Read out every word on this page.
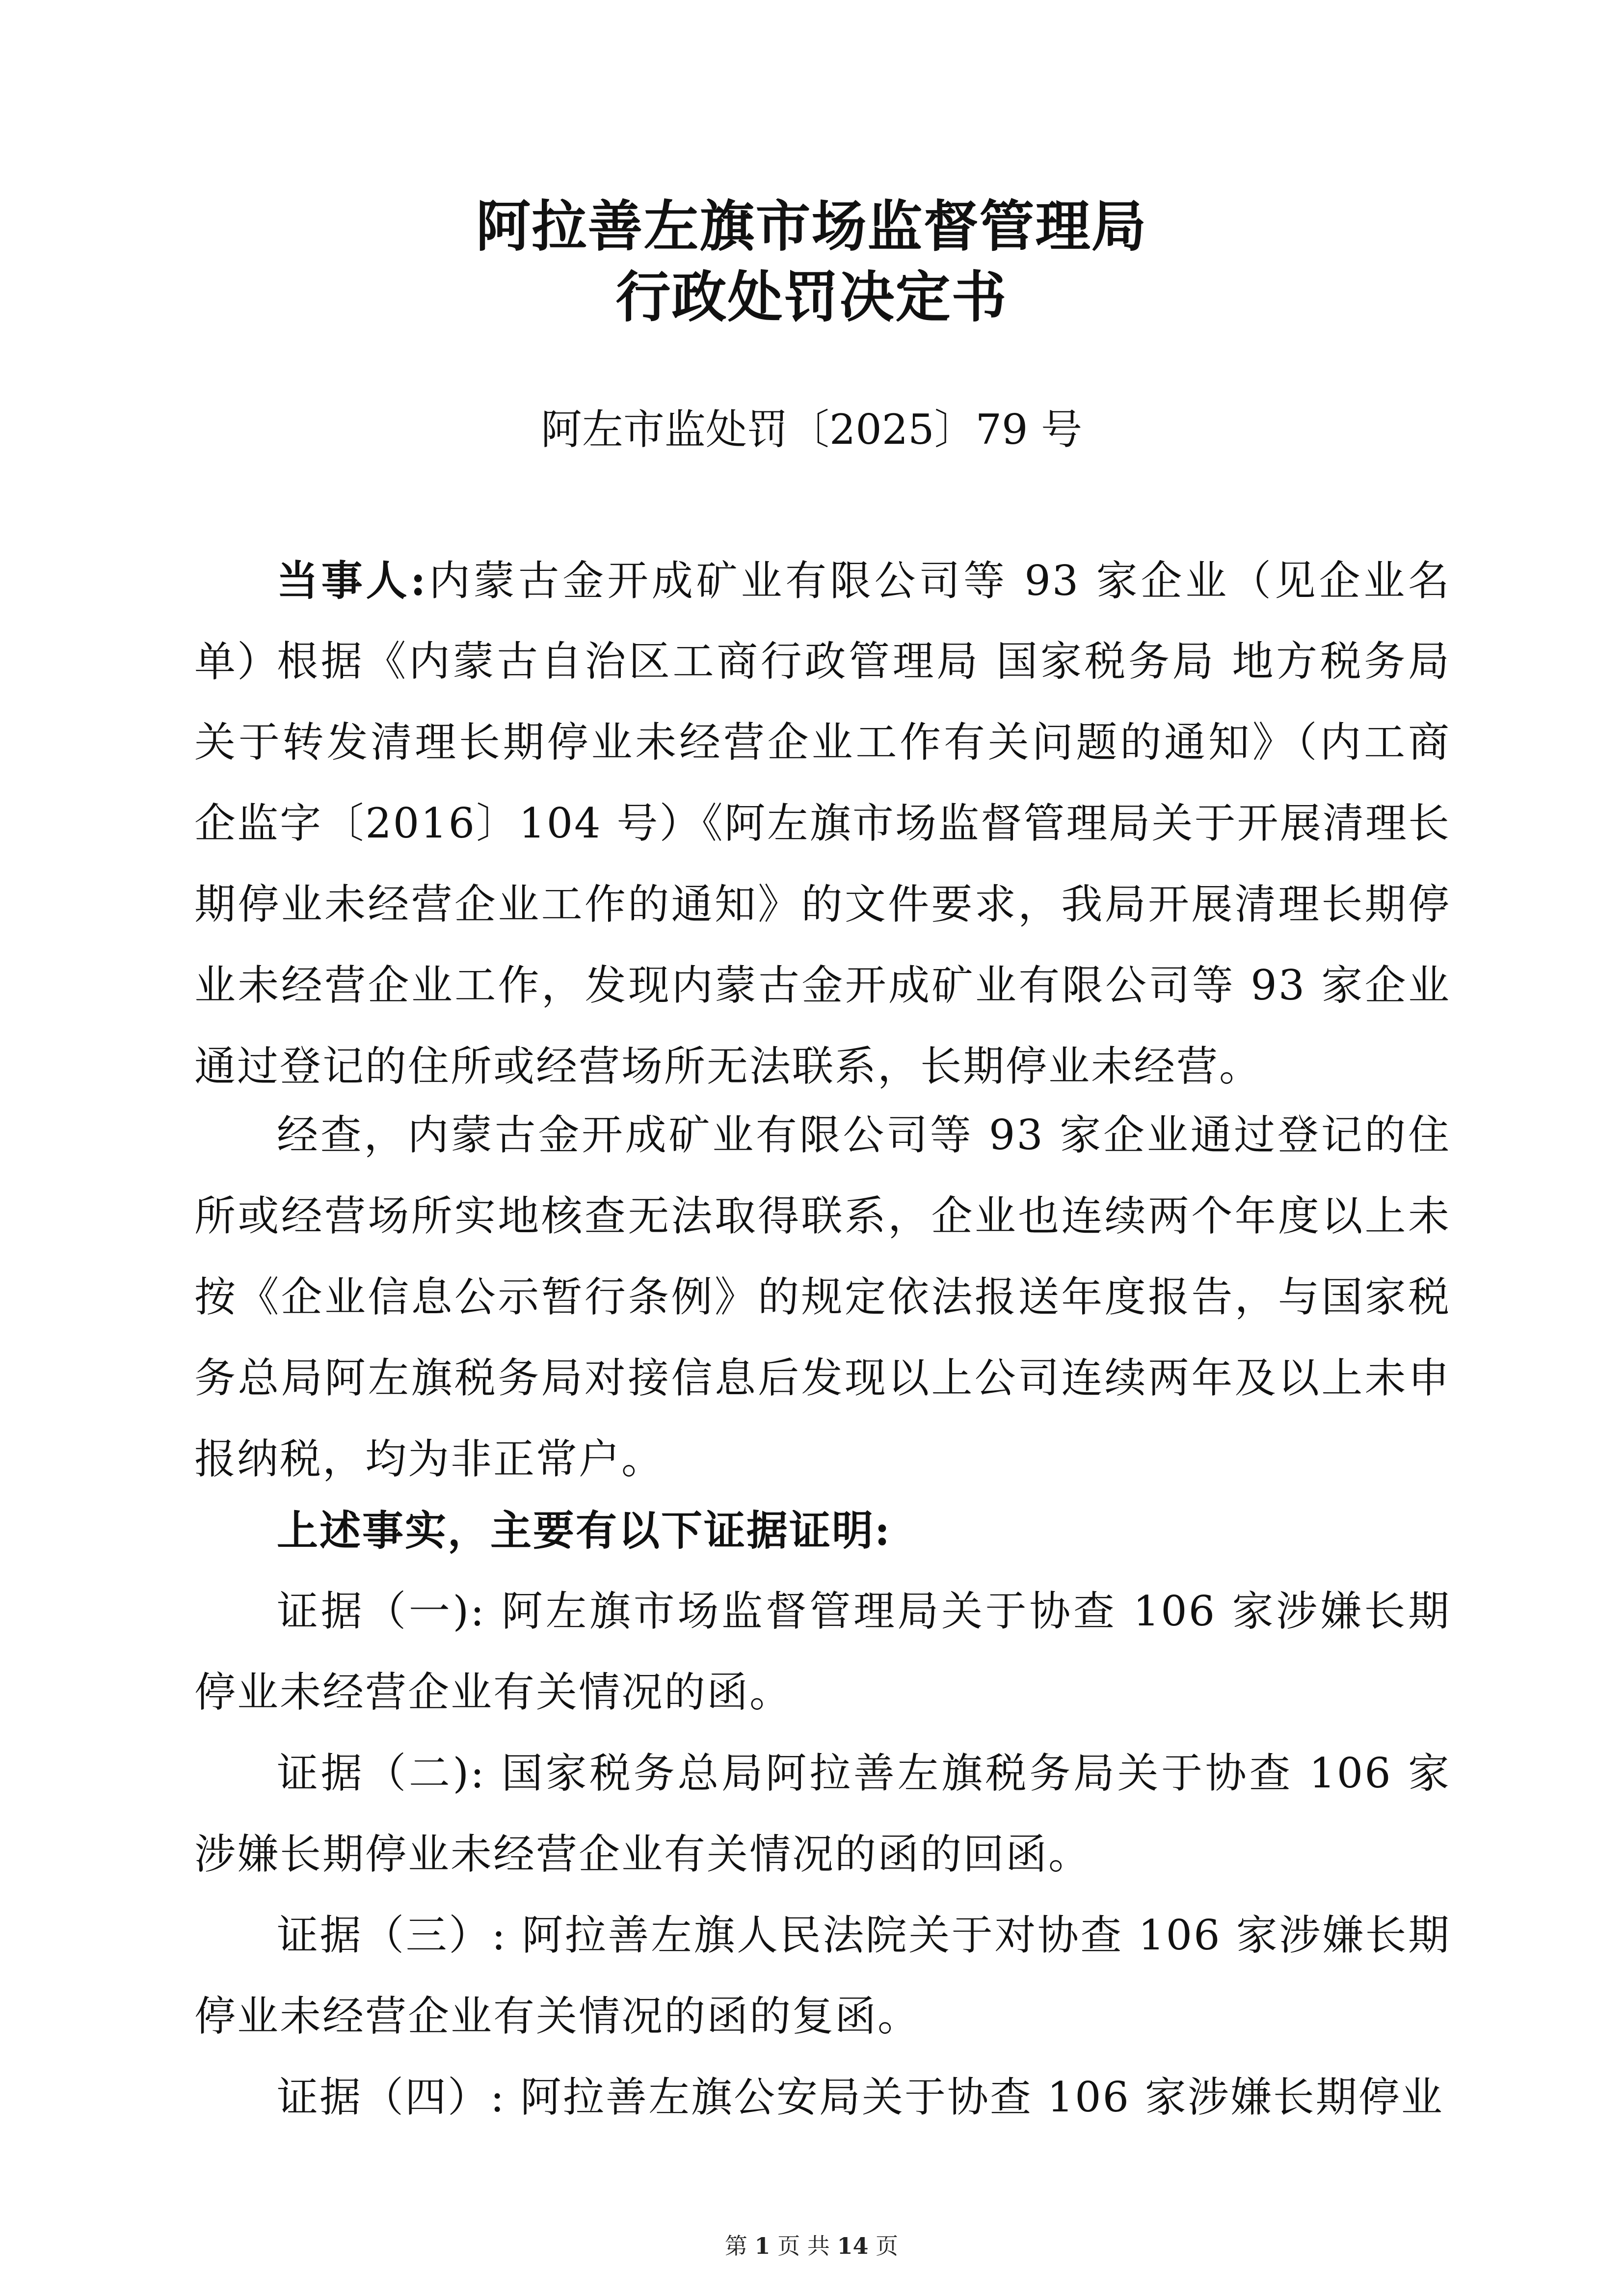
阿拉善左旗市场监督管理局
行政处罚决定书

阿左市监处罚〔2025〕79 号

当事人:内蒙古金开成矿业有限公司等 93 家企业（见企业名单）

根据《内蒙古自治区工商行政管理局 国家税务局 地方税务局关于转发清理长期停业未经营企业工作有关问题的通知》（内工商企监字〔2016〕104 号）《阿左旗市场监督管理局关于开展清理长期停业未经营企业工作的通知》的文件要求，我局开展清理长期停业未经营企业工作，发现内蒙古金开成矿业有限公司等 93 家企业通过登记的住所或经营场所无法联系，长期停业未经营。

经查，内蒙古金开成矿业有限公司等 93 家企业通过登记的住所或经营场所实地核查无法取得联系，企业也连续两个年度以上未按《企业信息公示暂行条例》的规定依法报送年度报告，与国家税务总局阿左旗税务局对接信息后发现以上公司连续两年及以上未申报纳税，均为非正常户。

上述事实，主要有以下证据证明:

证据（一): 阿左旗市场监督管理局关于协查 106 家涉嫌长期停业未经营企业有关情况的函。

证据（二): 国家税务总局阿拉善左旗税务局关于协查 106 家涉嫌长期停业未经营企业有关情况的函的回函。

证据（三）: 阿拉善左旗人民法院关于对协查 106 家涉嫌长期停业未经营企业有关情况的函的复函。

证据（四）: 阿拉善左旗公安局关于协查 106 家涉嫌长期停业

第 1 页 共 14 页
